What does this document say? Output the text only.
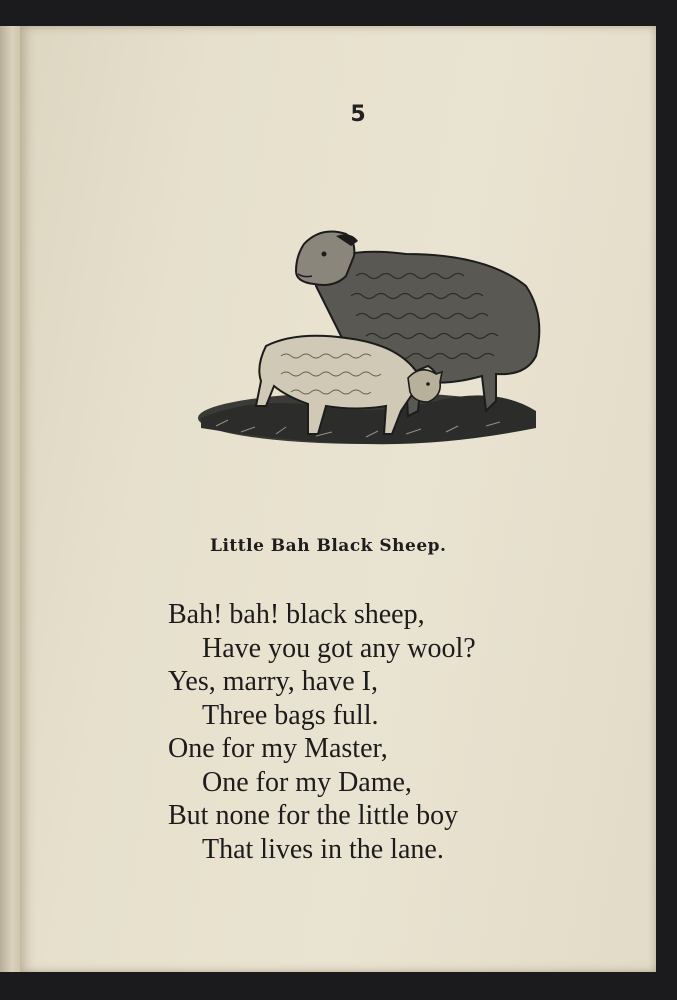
5
Little Bah Black Sheep.
Bah! bah! black sheep,
Have you got any wool?
Yes, marry, have I,
Three bags full.
One for my Master,
One for my Dame,
But none for the little boy
That lives in the lane.
